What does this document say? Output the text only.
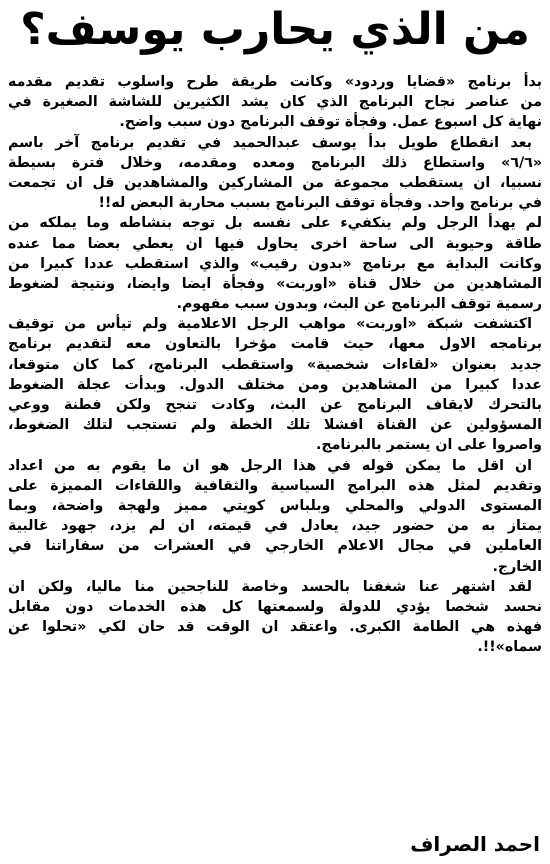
من الذي يحارب يوسف؟
بدأ برنامج «قضايا وردود» وكانت طريقة طرح واسلوب تقديم مقدمه
من عناصر نجاح البرنامج الذي كان يشد الكثيرين للشاشة الصغيرة في
نهاية كل اسبوع عمل. وفجأة توقف البرنامج دون سبب واضح.
بعد انقطاع طويل بدأ يوسف عبدالحميد في تقديم برنامج آخر باسم
«٦/٦» واستطاع ذلك البرنامج ومعده ومقدمه، وخلال فترة بسيطة
نسبيا، ان يستقطب مجموعة من المشاركين والمشاهدين قل ان تجمعت
في برنامج واحد. وفجأة توقف البرنامج بسبب محاربة البعض له!!
لم يهدأ الرجل ولم ينكفيء على نفسه بل توجه بنشاطه وما يملكه من
طاقة وحيوية الى ساحة اخرى يحاول فيها ان يعطي بعضا مما عنده
وكانت البداية مع برنامج «بدون رقيب» والذي استقطب عددا كبيرا من
المشاهدين من خلال قناة «اوربت» وفجأة ايضا وايضا، ونتيجة لضغوط
رسمية توقف البرنامج عن البث، وبدون سبب مفهوم.
اكتشفت شبكة «اوربت» مواهب الرجل الاعلامية ولم تيأس من توقيف
برنامجه الاول معها، حيث قامت مؤخرا بالتعاون معه لتقديم برنامج
جديد بعنوان «لقاءات شخصية» واستقطب البرنامج، كما كان متوقعا،
عددا كبيرا من المشاهدين ومن مختلف الدول. وبدأت عجلة الضغوط
بالتحرك لايقاف البرنامج عن البث، وكادت تنجح ولكن فطنة ووعي
المسؤولين عن القناة افشلا تلك الخطة ولم تستجب لتلك الضغوط،
واصروا على ان يستمر بالبرنامج.
ان اقل ما يمكن قوله في هذا الرجل هو ان ما يقوم به من اعداد
وتقديم لمثل هذه البرامج السياسية والثقافية واللقاءات المميزة على
المستوى الدولي والمحلي وبلباس كويتي مميز ولهجة واضحة، وبما
يمتاز به من حضور جيد، يعادل في قيمته، ان لم يزد، جهود غالبية
العاملين في مجال الاعلام الخارجي في العشرات من سفاراتنا في
الخارج.
لقد اشتهر عنا شغفنا بالحسد وخاصة للناجحين منا ماليا، ولكن ان
نحسد شخصا يؤدي للدولة ولسمعتها كل هذه الخدمات دون مقابل
فهذه هي الطامة الكبرى. واعتقد ان الوقت قد حان لكي «تحلوا عن
سماه»!!.
احمد الصراف
